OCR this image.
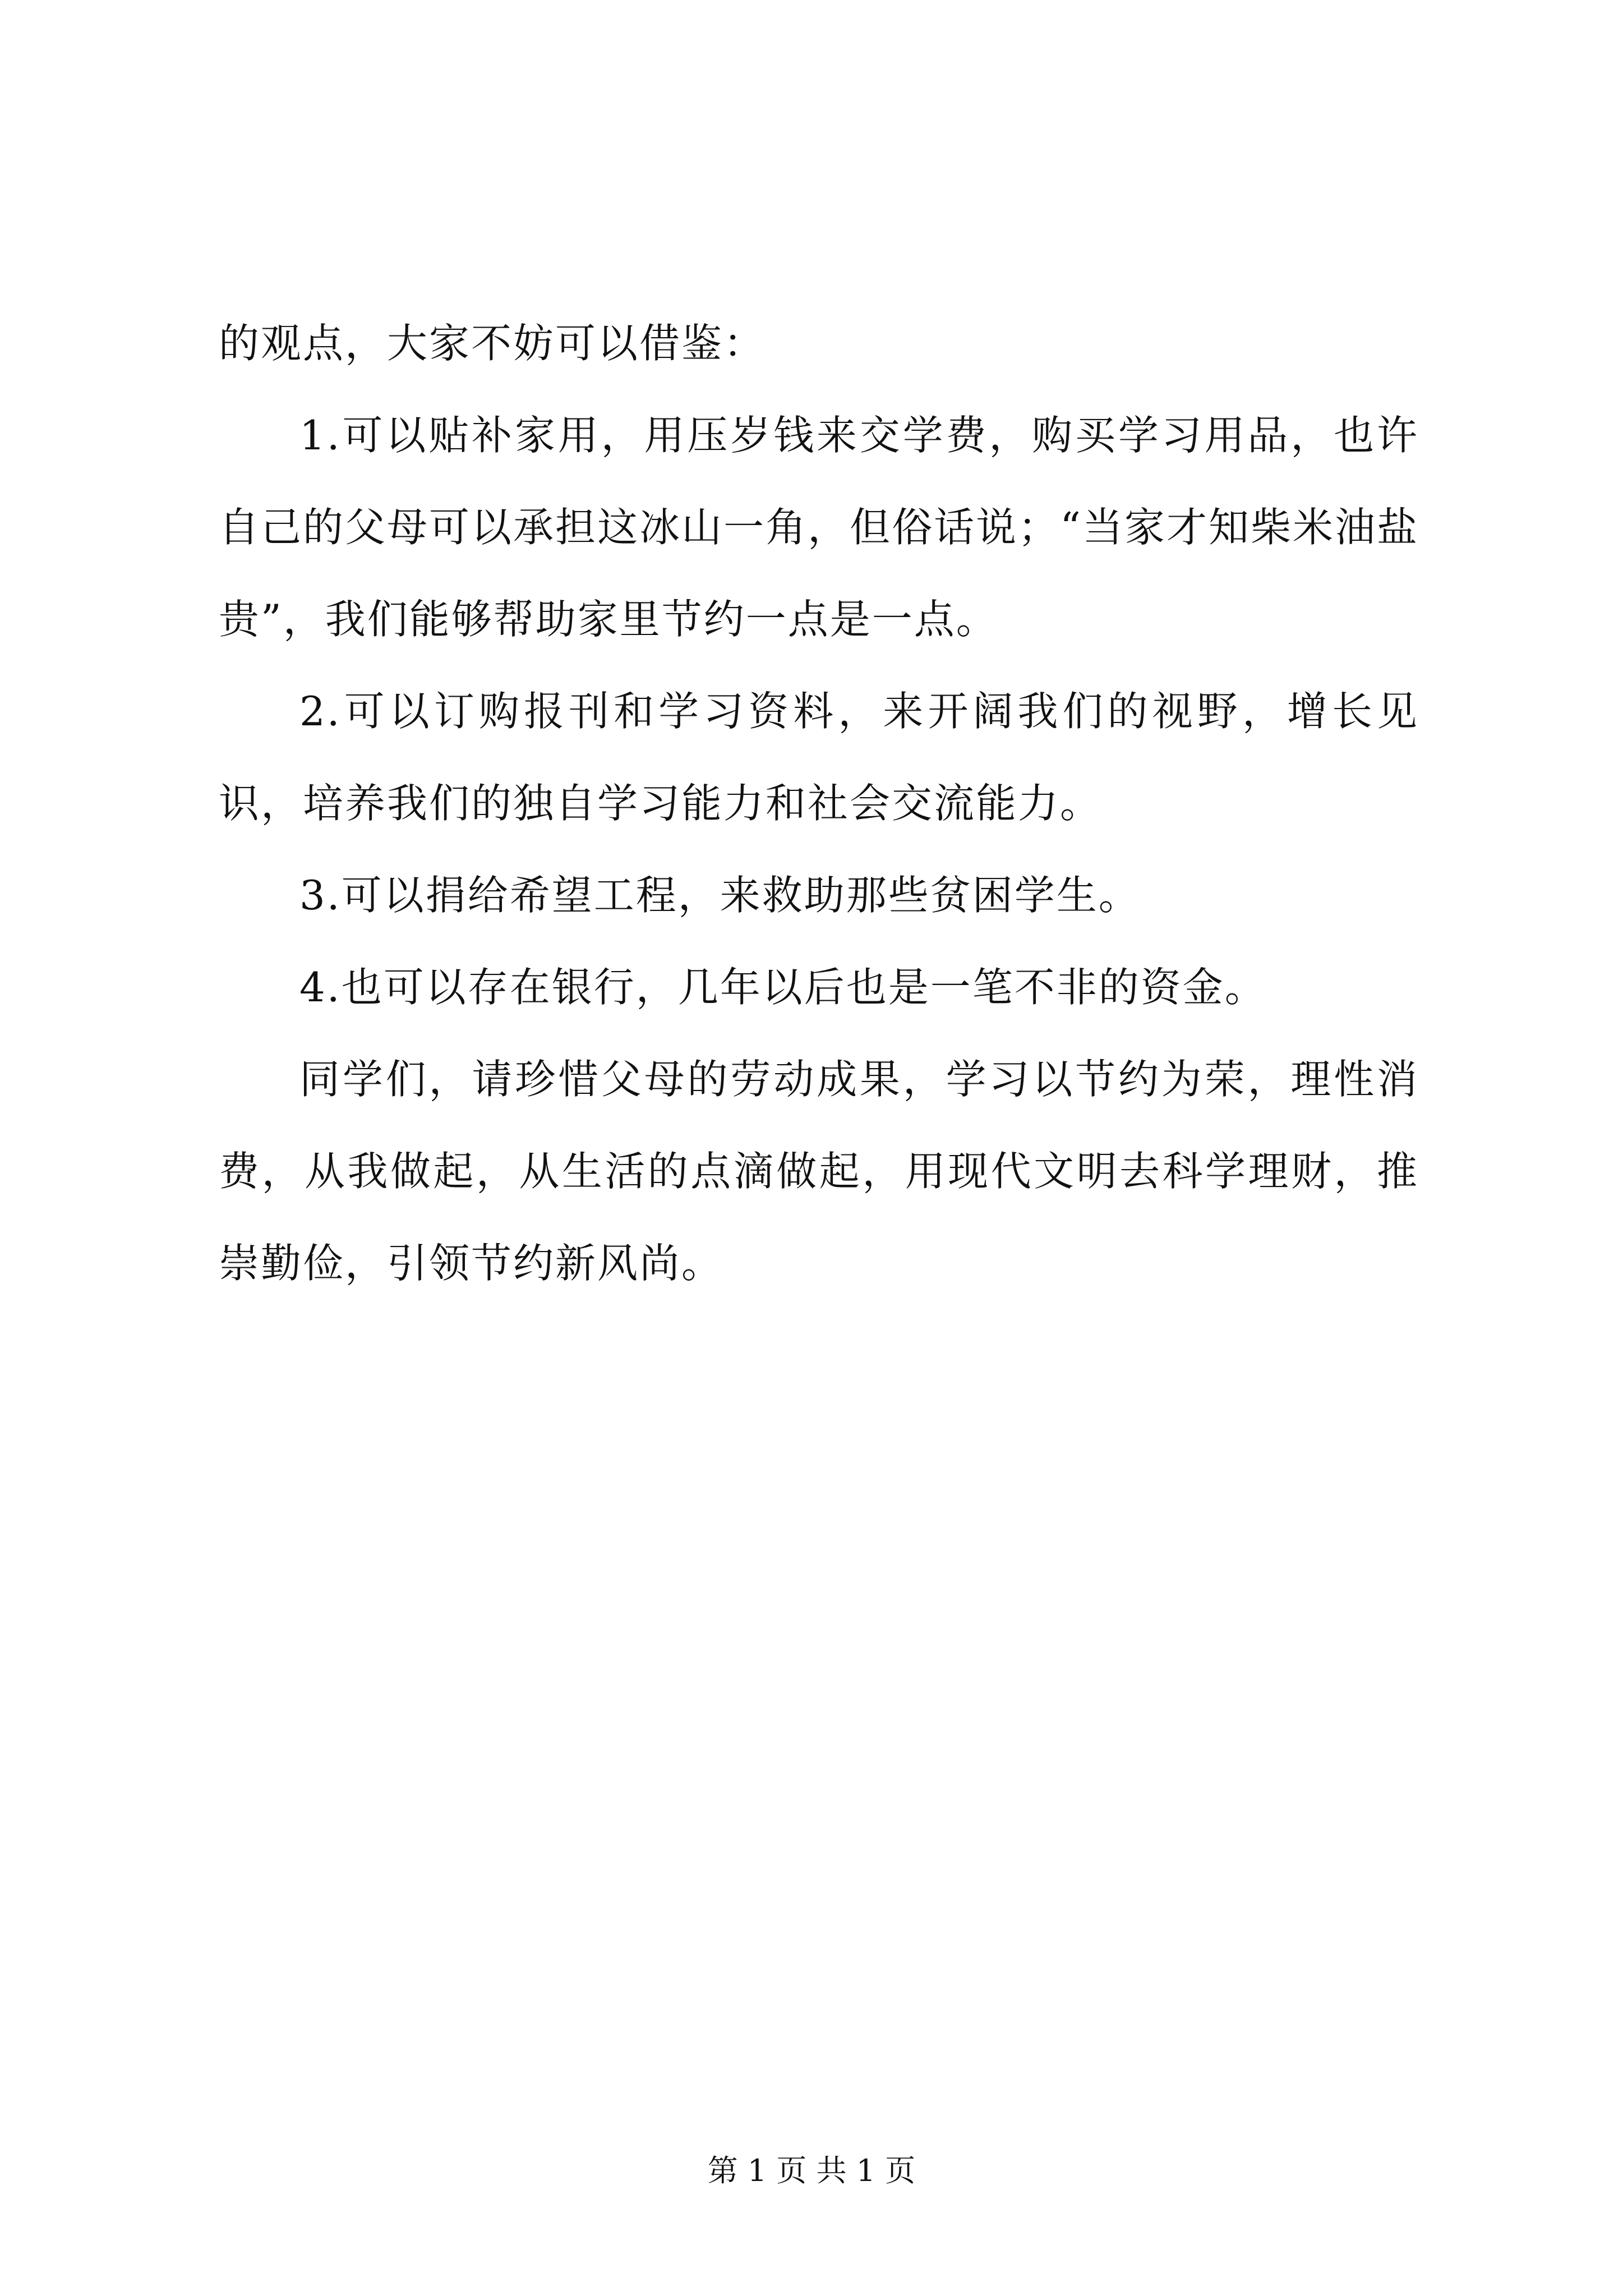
的观点，大家不妨可以借鉴：

1.可以贴补家用，用压岁钱来交学费，购买学习用品，也许自己的父母可以承担这冰山一角，但俗话说；“当家才知柴米油盐贵”，我们能够帮助家里节约一点是一点。

2.可以订购报刊和学习资料，来开阔我们的视野，增长见识，培养我们的独自学习能力和社会交流能力。

3.可以捐给希望工程，来救助那些贫困学生。

4.也可以存在银行，几年以后也是一笔不非的资金。

同学们，请珍惜父母的劳动成果，学习以节约为荣，理性消费，从我做起，从生活的点滴做起，用现代文明去科学理财，推崇勤俭，引领节约新风尚。

第 1 页 共 1 页
